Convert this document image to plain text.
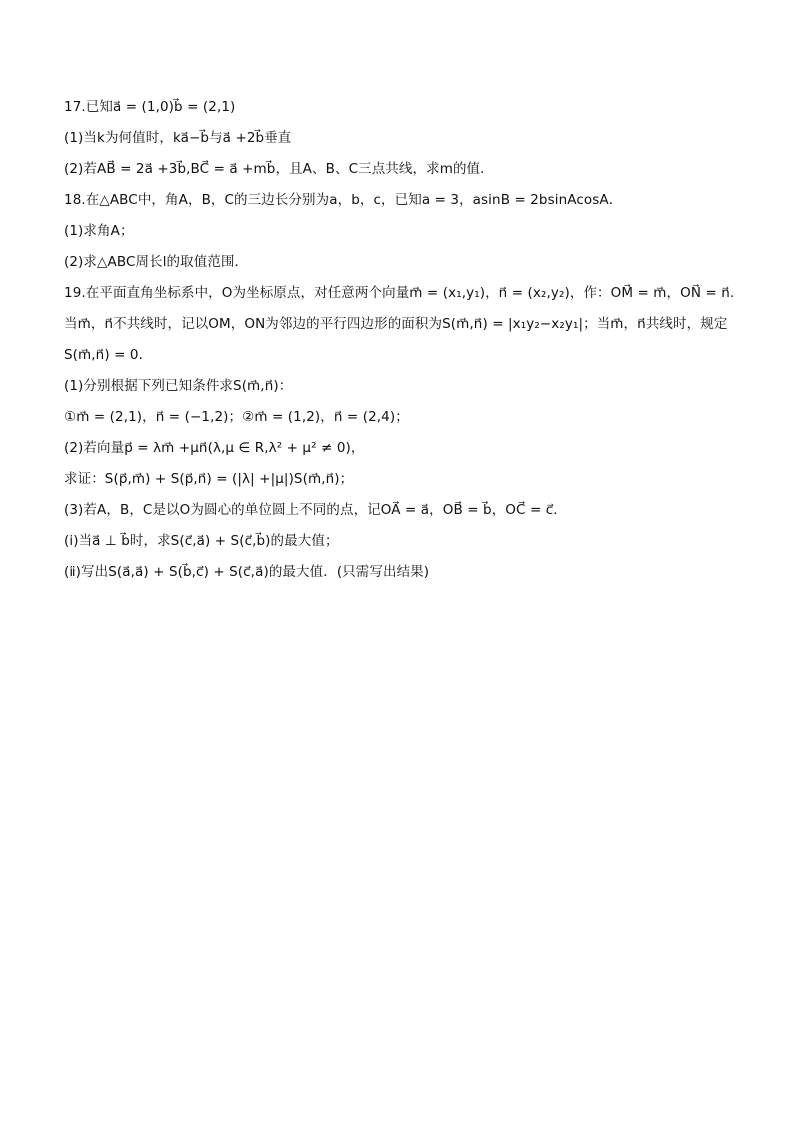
17.已知a⃗ = (1,0)b⃗ = (2,1)
(1)当k为何值时，ka⃗−b⃗与a⃗ +2b⃗垂直
(2)若AB⃗ = 2a⃗ +3b⃗,BC⃗ = a⃗ +mb⃗，且A、B、C三点共线，求m的值．
18.在△ABC中，角A，B，C的三边长分别为a，b，c，已知a = 3，asinB = 2bsinAcosA．
(1)求角A；
(2)求△ABC周长l的取值范围．
19.在平面直角坐标系中，O为坐标原点，对任意两个向量m⃗ = (x₁,y₁)，n⃗ = (x₂,y₂)，作：OM⃗ = m⃗，ON⃗ = n⃗.当m⃗，n⃗不共线时，记以OM，ON为邻边的平行四边形的面积为S(m⃗,n⃗) = |x₁y₂−x₂y₁|；当m⃗，n⃗共线时，规定S(m⃗,n⃗) = 0．
(1)分别根据下列已知条件求S(m⃗,n⃗)：
①m⃗ = (2,1)，n⃗ = (−1,2)；②m⃗ = (1,2)，n⃗ = (2,4)；
(2)若向量p⃗ = λm⃗ +μn⃗(λ,μ ∈ R,λ² + μ² ≠ 0)，
求证：S(p⃗,m⃗) + S(p⃗,n⃗) = (|λ| +|μ|)S(m⃗,n⃗)；
(3)若A，B，C是以O为圆心的单位圆上不同的点，记OA⃗ = a⃗，OB⃗ = b⃗，OC⃗ = c⃗．
(ⅰ)当a⃗ ⊥ b⃗时，求S(c⃗,a⃗) + S(c⃗,b⃗)的最大值；
(ⅱ)写出S(a⃗,a⃗) + S(b⃗,c⃗) + S(c⃗,a⃗)的最大值．(只需写出结果)
